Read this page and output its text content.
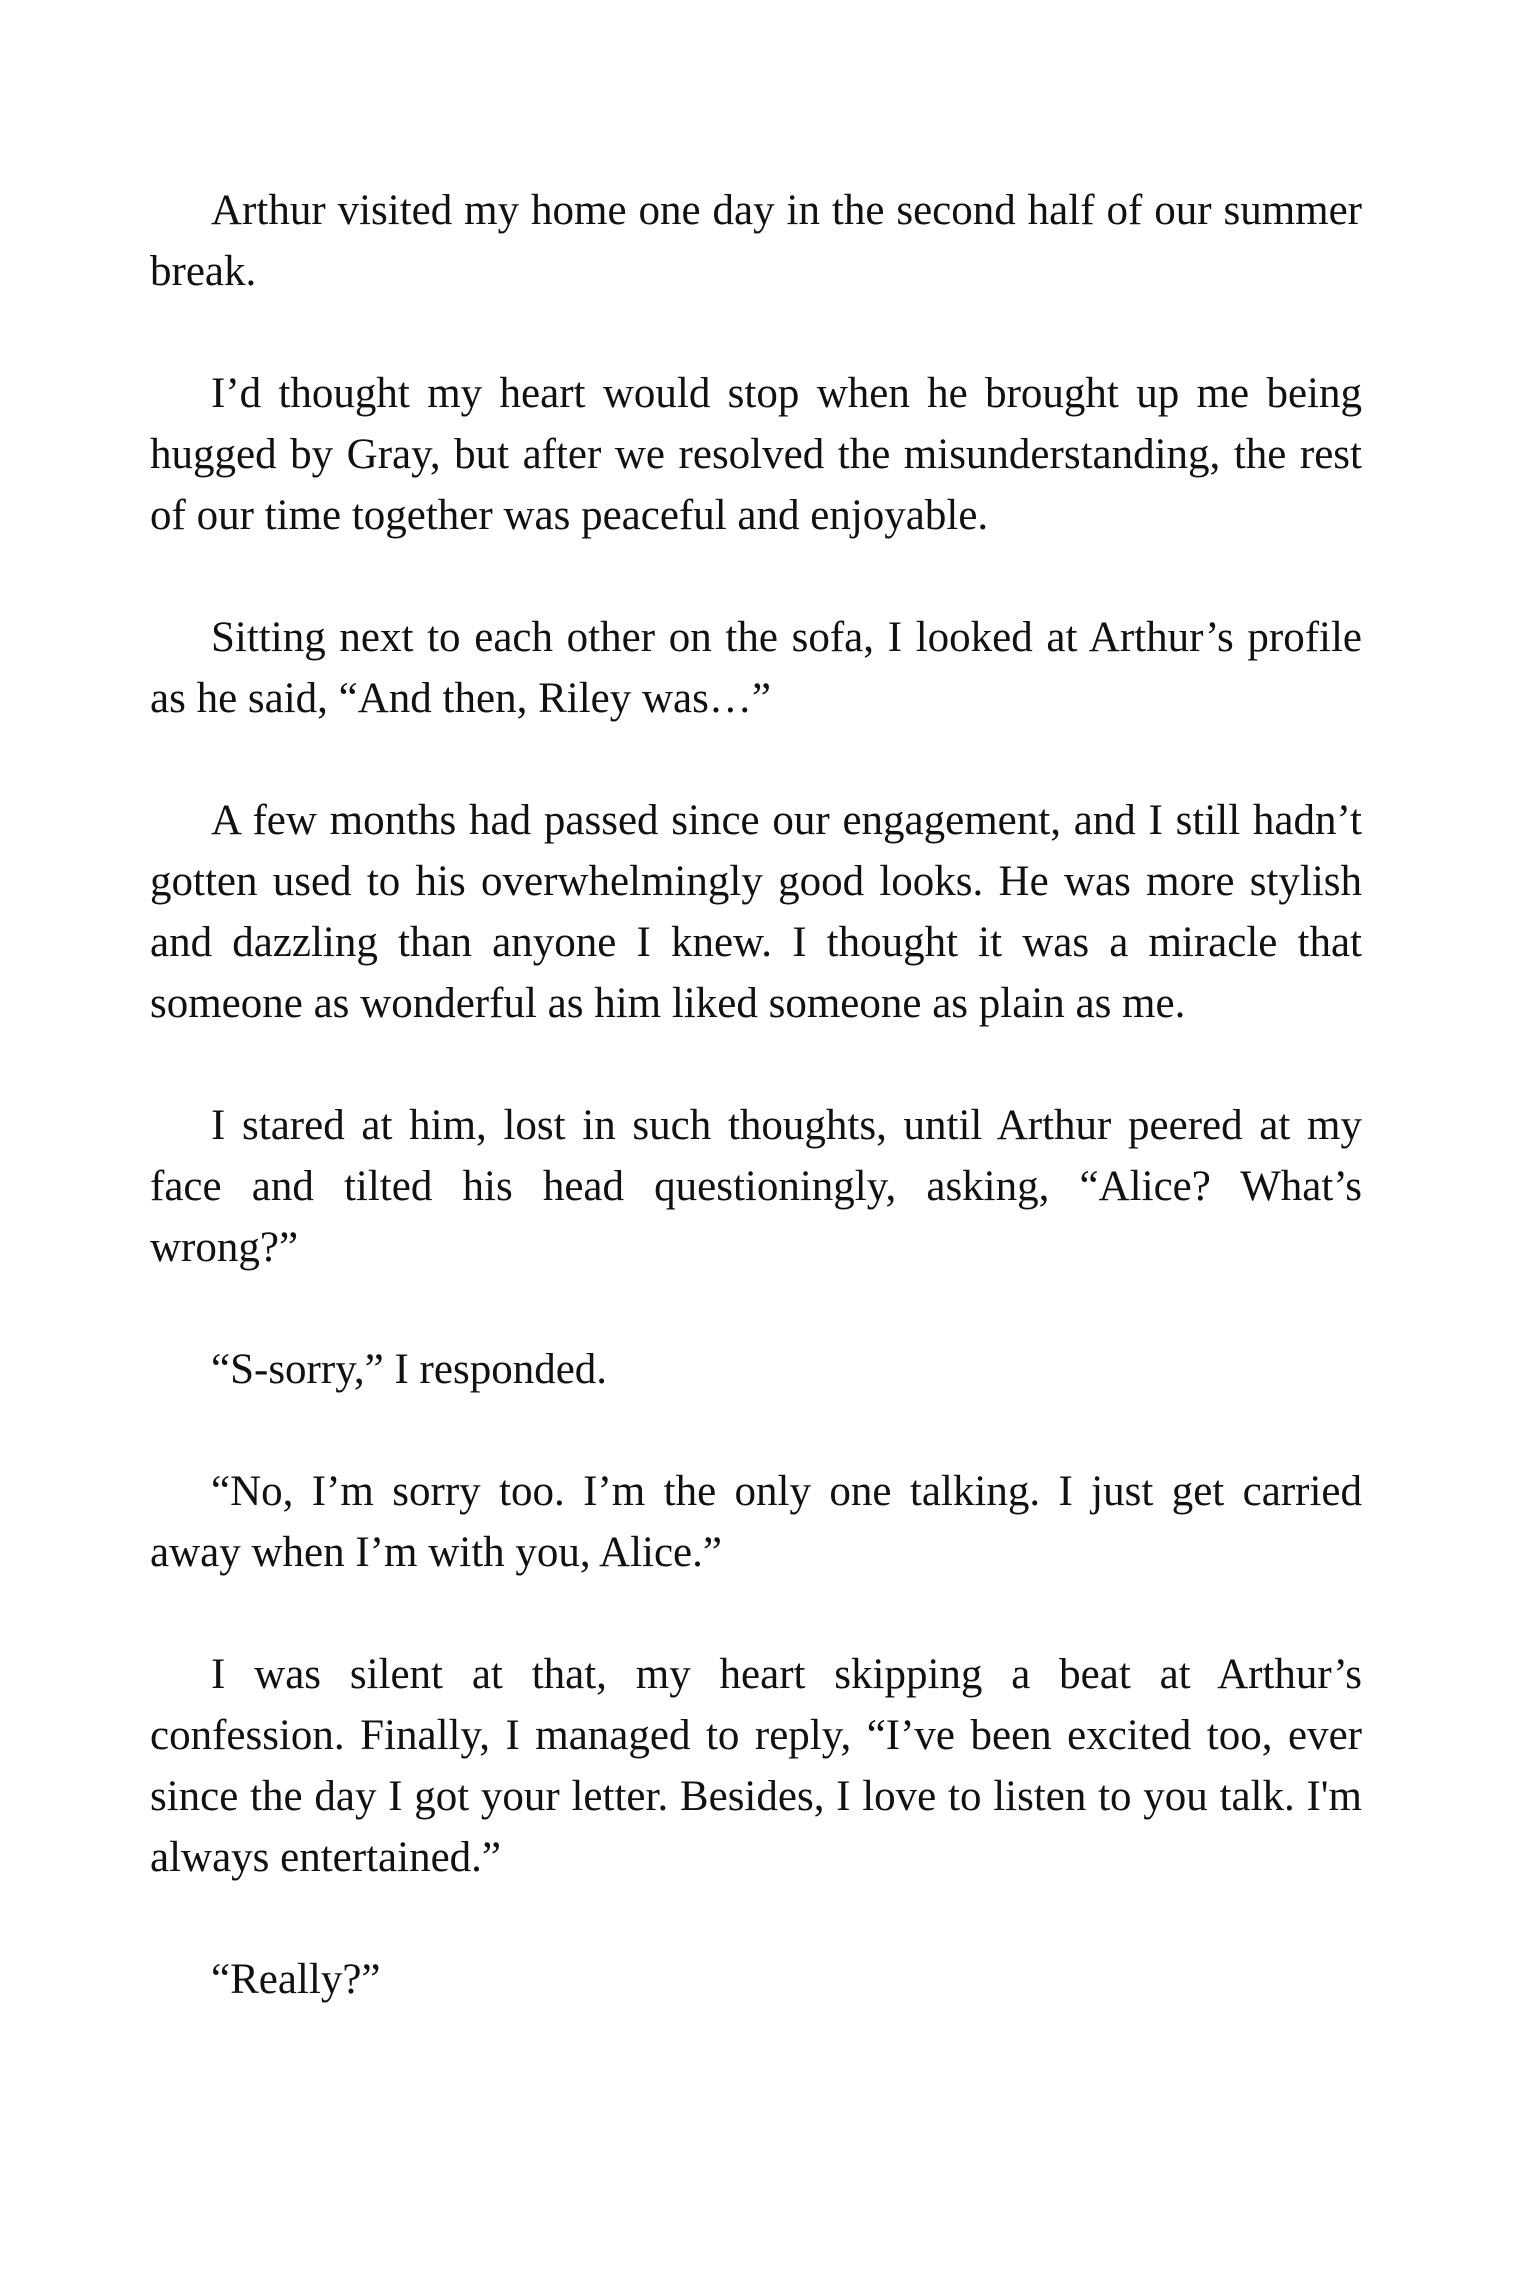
Arthur visited my home one day in the second half of our summer break.

I’d thought my heart would stop when he brought up me being hugged by Gray, but after we resolved the misunderstanding, the rest of our time together was peaceful and enjoyable.

Sitting next to each other on the sofa, I looked at Arthur’s profile as he said, “And then, Riley was…”

A few months had passed since our engagement, and I still hadn’t gotten used to his overwhelmingly good looks. He was more stylish and dazzling than anyone I knew. I thought it was a miracle that someone as wonderful as him liked someone as plain as me.

I stared at him, lost in such thoughts, until Arthur peered at my face and tilted his head questioningly, asking, “Alice? What’s wrong?”

“S-sorry,” I responded.

“No, I’m sorry too. I’m the only one talking. I just get carried away when I’m with you, Alice.”

I was silent at that, my heart skipping a beat at Arthur’s confession. Finally, I managed to reply, “I’ve been excited too, ever since the day I got your letter. Besides, I love to listen to you talk. I'm always entertained.”

“Really?”
